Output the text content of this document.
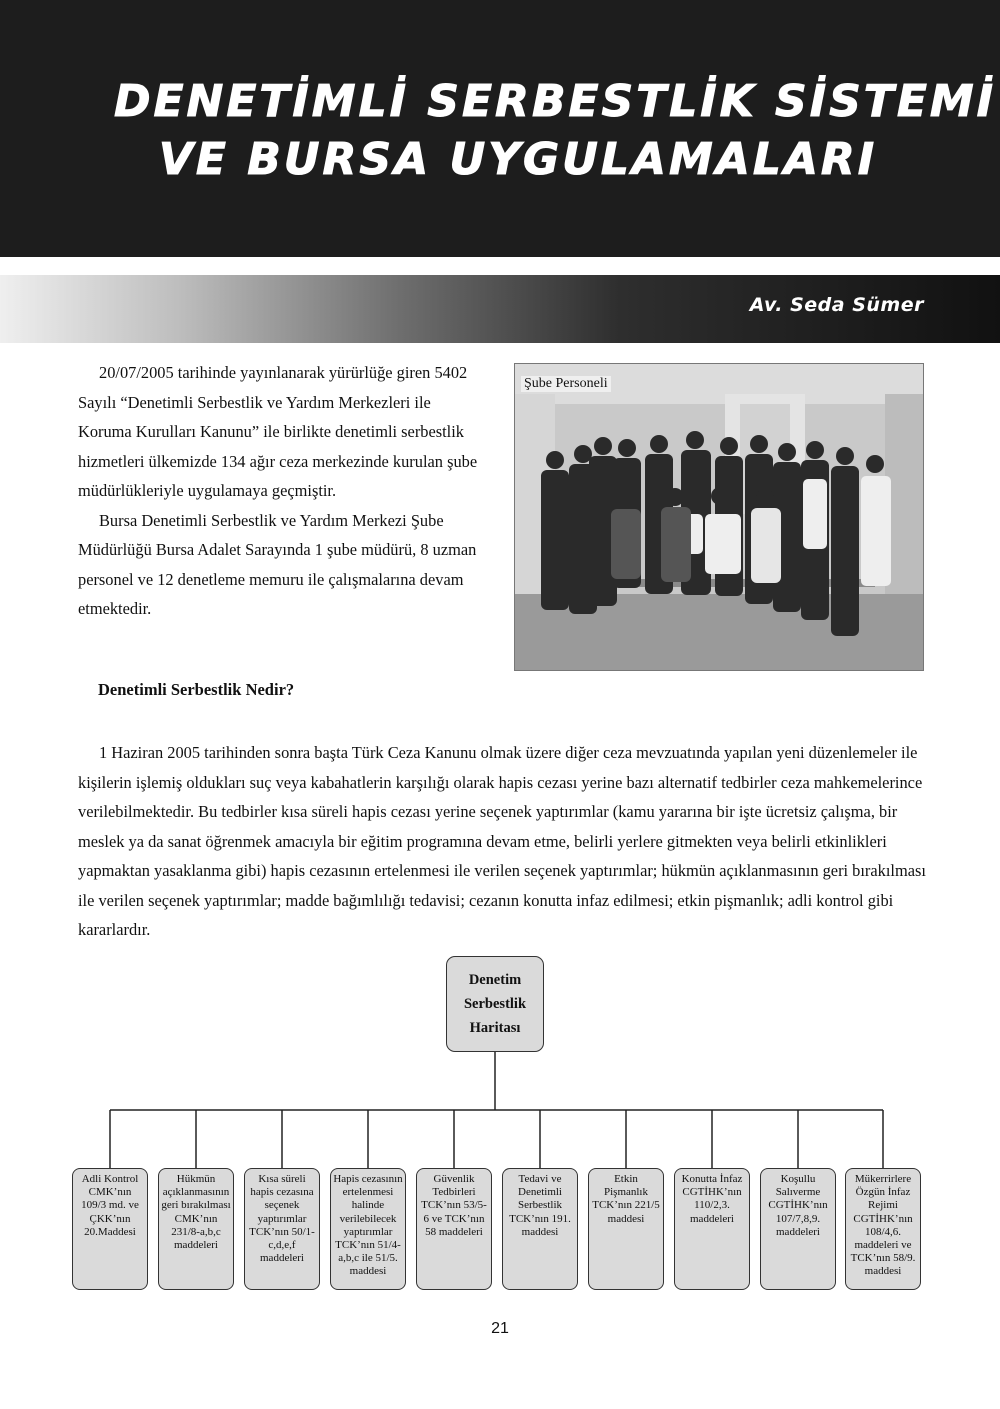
DENETİMLİ SERBESTLİK SİSTEMİ
VE BURSA UYGULAMALARI
Av. Seda Sümer

20/07/2005 tarihinde yayınlanarak yürürlüğe giren 5402 Sayılı “Denetimli Serbestlik ve Yardım Merkezleri ile Koruma Kurulları Kanunu” ile birlikte denetimli serbestlik hizmetleri ülkemizde 134 ağır ceza merkezinde kurulan şube müdürlükleriyle uygulamaya geçmiştir.

Bursa Denetimli Serbestlik ve Yardım Merkezi Şube Müdürlüğü Bursa Adalet Sarayında 1 şube müdürü, 8 uzman personel ve 12 denetleme memuru ile çalışmalarına devam etmektedir.

Şube Personeli
Denetimli Serbestlik Nedir?

1 Haziran 2005 tarihinden sonra başta Türk Ceza Kanunu olmak üzere diğer ceza mevzuatında yapılan yeni düzenlemeler ile kişilerin işlemiş oldukları suç veya kabahatlerin karşılığı olarak hapis cezası yerine bazı alternatif tedbirler ceza mahkemelerince verilebilmektedir. Bu tedbirler kısa süreli hapis cezası yerine seçenek yaptırımlar (kamu yararına bir işte ücretsiz çalışma, bir meslek ya da sanat öğrenmek amacıyla bir eğitim programına devam etme, belirli yerlere gitmekten veya belirli etkinlikleri yapmaktan yasaklanma gibi) hapis cezasının ertelenmesi ile verilen seçenek yaptırımlar; hükmün açıklanmasının geri bırakılması ile verilen seçenek yaptırımlar; madde bağımlılığı tedavisi; cezanın konutta infaz edilmesi; etkin pişmanlık; adli kontrol gibi kararlardır.

Denetim Serbestlik Haritası
Adli Kontrol CMK’nın 109/3 md. ve ÇKK’nın 20.Maddesi
Hükmün açıklanmasının geri bırakılması CMK’nın 231/8-a,b,c maddeleri
Kısa süreli hapis cezasına seçenek yaptırımlar TCK’nın 50/1-c,d,e,f maddeleri
Hapis cezasının ertelenmesi halinde verilebilecek yaptırımlar TCK’nın 51/4- a,b,c ile 51/5. maddesi
Güvenlik Tedbirleri TCK’nın 53/5-6 ve TCK’nın 58 maddeleri
Tedavi ve Denetimli Serbestlik TCK’nın 191. maddesi
Etkin Pişmanlık TCK’nın 221/5 maddesi
Konutta İnfaz CGTİHK’nın 110/2,3. maddeleri
Koşullu Salıverme CGTİHK’nın 107/7,8,9. maddeleri
Mükerrirlere Özgün İnfaz Rejimi CGTİHK’nın 108/4,6. maddeleri ve TCK’nın 58/9. maddesi
21
